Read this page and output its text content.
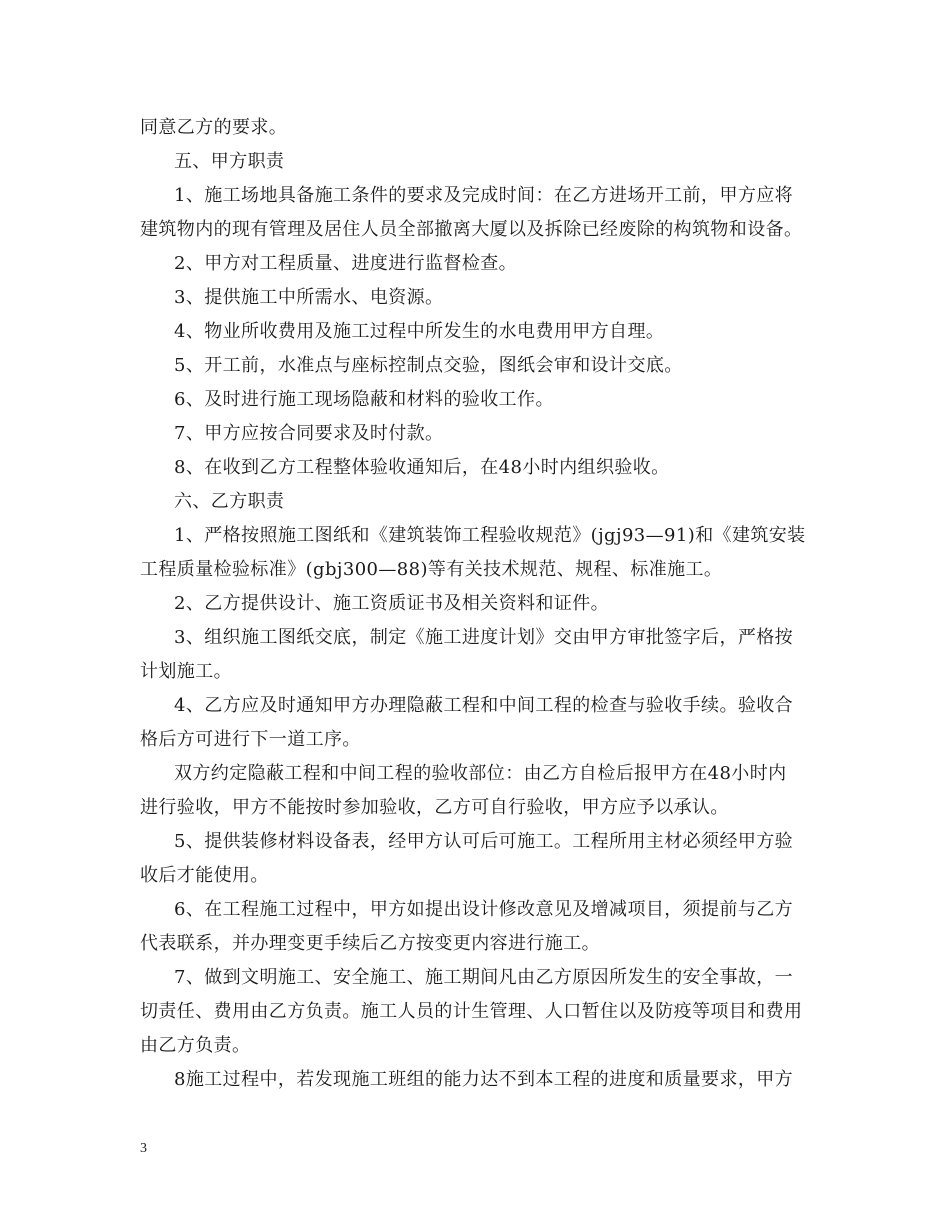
同意乙方的要求。
五、甲方职责
1、施工场地具备施工条件的要求及完成时间：在乙方进场开工前，甲方应将
建筑物内的现有管理及居住人员全部撤离大厦以及拆除已经废除的构筑物和设备。
2、甲方对工程质量、进度进行监督检查。
3、提供施工中所需水、电资源。
4、物业所收费用及施工过程中所发生的水电费用甲方自理。
5、开工前，水准点与座标控制点交验，图纸会审和设计交底。
6、及时进行施工现场隐蔽和材料的验收工作。
7、甲方应按合同要求及时付款。
8、在收到乙方工程整体验收通知后，在48小时内组织验收。
六、乙方职责
1、严格按照施工图纸和《建筑装饰工程验收规范》(jgj93—91)和《建筑安装
工程质量检验标准》(gbj300—88)等有关技术规范、规程、标准施工。
2、乙方提供设计、施工资质证书及相关资料和证件。
3、组织施工图纸交底，制定《施工进度计划》交由甲方审批签字后，严格按
计划施工。
4、乙方应及时通知甲方办理隐蔽工程和中间工程的检查与验收手续。验收合
格后方可进行下一道工序。
双方约定隐蔽工程和中间工程的验收部位：由乙方自检后报甲方在48小时内
进行验收，甲方不能按时参加验收，乙方可自行验收，甲方应予以承认。
5、提供装修材料设备表，经甲方认可后可施工。工程所用主材必须经甲方验
收后才能使用。
6、在工程施工过程中，甲方如提出设计修改意见及增减项目，须提前与乙方
代表联系，并办理变更手续后乙方按变更内容进行施工。
7、做到文明施工、安全施工、施工期间凡由乙方原因所发生的安全事故，一
切责任、费用由乙方负责。施工人员的计生管理、人口暂住以及防疫等项目和费用
由乙方负责。
8施工过程中，若发现施工班组的能力达不到本工程的进度和质量要求，甲方
3
